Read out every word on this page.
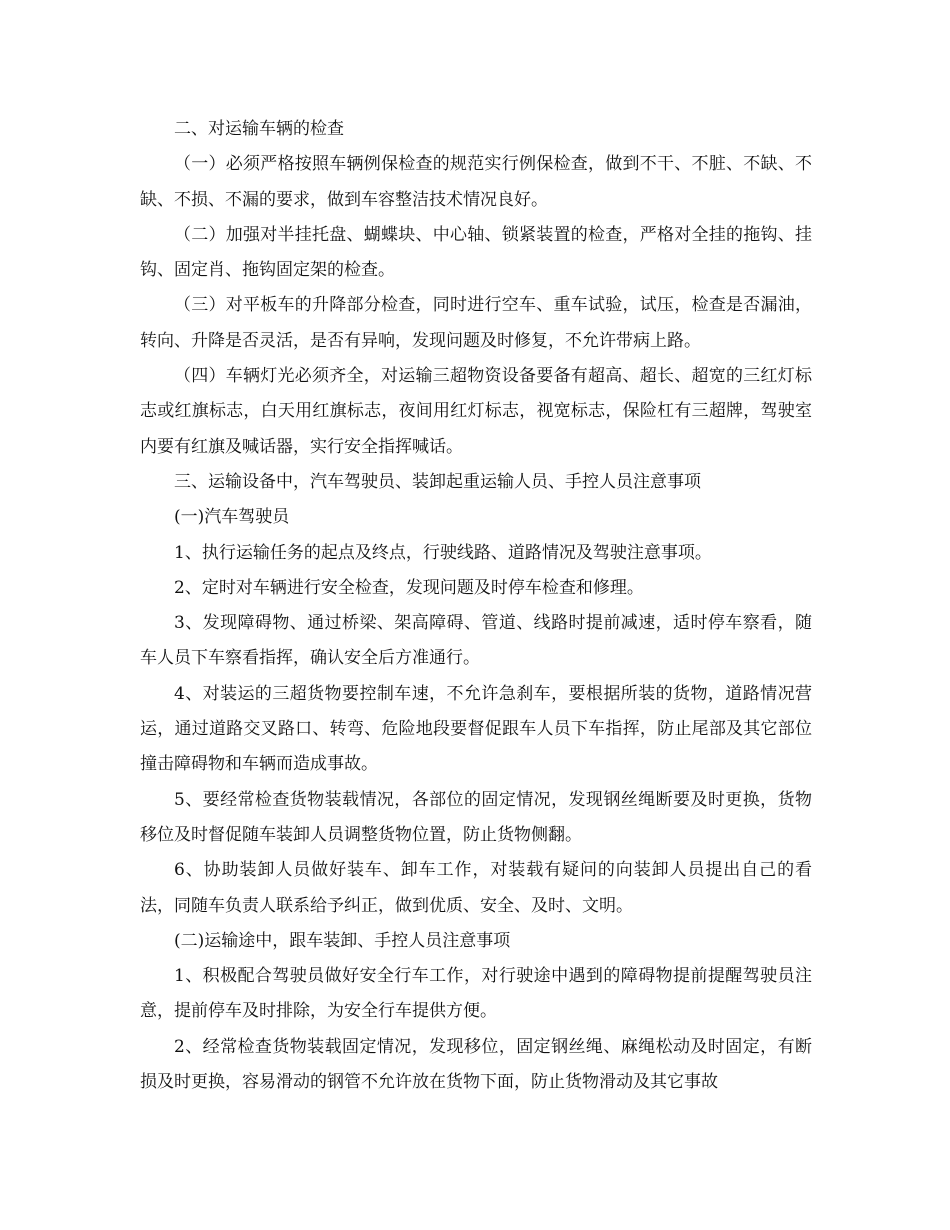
二、对运输车辆的检查

（一）必须严格按照车辆例保检查的规范实行例保检查，做到不干、不脏、不缺、不缺、不损、不漏的要求，做到车容整洁技术情况良好。

（二）加强对半挂托盘、蝴蝶块、中心轴、锁紧装置的检查，严格对全挂的拖钩、挂钩、固定肖、拖钩固定架的检查。

（三）对平板车的升降部分检查，同时进行空车、重车试验，试压，检查是否漏油，转向、升降是否灵活，是否有异响，发现问题及时修复，不允许带病上路。

（四）车辆灯光必须齐全，对运输三超物资设备要备有超高、超长、超宽的三红灯标志或红旗标志，白天用红旗标志，夜间用红灯标志，视宽标志，保险杠有三超牌，驾驶室内要有红旗及喊话器，实行安全指挥喊话。

三、运输设备中，汽车驾驶员、装卸起重运输人员、手控人员注意事项

(一)汽车驾驶员

1、执行运输任务的起点及终点，行驶线路、道路情况及驾驶注意事项。

2、定时对车辆进行安全检查，发现问题及时停车检查和修理。

3、发现障碍物、通过桥梁、架高障碍、管道、线路时提前减速，适时停车察看，随车人员下车察看指挥，确认安全后方准通行。

4、对装运的三超货物要控制车速，不允许急刹车，要根据所装的货物，道路情况营运，通过道路交叉路口、转弯、危险地段要督促跟车人员下车指挥，防止尾部及其它部位撞击障碍物和车辆而造成事故。

5、要经常检查货物装载情况，各部位的固定情况，发现钢丝绳断要及时更换，货物移位及时督促随车装卸人员调整货物位置，防止货物侧翻。

6、协助装卸人员做好装车、卸车工作，对装载有疑问的向装卸人员提出自己的看法，同随车负责人联系给予纠正，做到优质、安全、及时、文明。

(二)运输途中，跟车装卸、手控人员注意事项

1、积极配合驾驶员做好安全行车工作，对行驶途中遇到的障碍物提前提醒驾驶员注意，提前停车及时排除，为安全行车提供方便。

2、经常检查货物装载固定情况，发现移位，固定钢丝绳、麻绳松动及时固定，有断损及时更换，容易滑动的钢管不允许放在货物下面，防止货物滑动及其它事故
